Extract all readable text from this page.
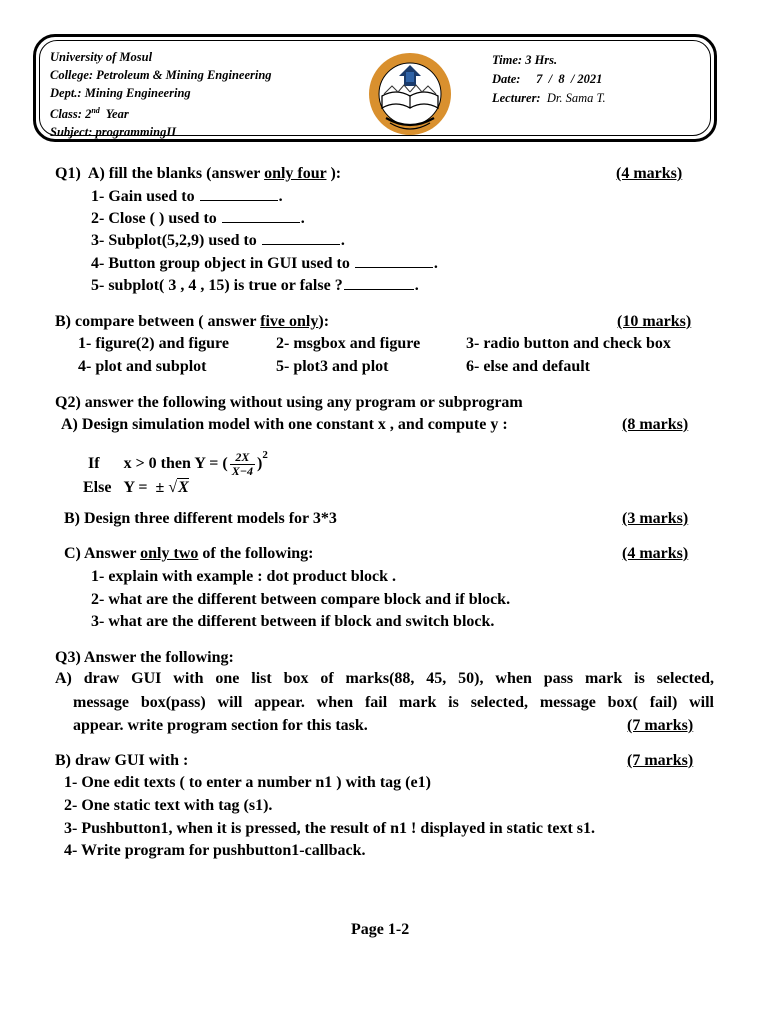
University of Mosul
College: Petroleum & Mining Engineering
Dept.: Mining Engineering
Class: 2nd  Year
Subject: programmingII
Time: 3 Hrs.
Date: 7  /  8  / 2021
Lecturer: Dr. Sama T.
Q1)  A) fill the blanks (answer only four ):	(4 marks)
1- Gain used to	.
2- Close ( ) used to	.
3- Subplot(5,2,9) used to	.
4- Button group object in GUI used to	.
5- subplot( 3 , 4 , 15) is true or false ?	.
B) compare between ( answer five only):	(10 marks)
1- figure(2) and figure	2- msgbox and figure	3- radio button and check box
4- plot and subplot	5- plot3 and plot	6- else and default
Q2) answer the following without using any program or subprogram
A) Design simulation model with one constant x , and compute y :	(8 marks)
If x > 0 then Y = ( $\frac{2X}{X-4} )^2$
Else Y =  ± √X
B) Design three different models for 3*3	(3 marks)
C) Answer only two of the following:	(4 marks)
1- explain with example : dot product block .
2- what are the different between compare block and if block.
3- what are the different between if block and switch block.
Q3) Answer the following:
A) draw GUI with one list box of marks(88, 45, 50), when pass mark is selected,
message box(pass) will appear. when fail mark is selected, message box( fail) will
appear. write program section for this task.	(7 marks)
B) draw GUI with :	(7 marks)
1- One edit texts ( to enter a number n1 ) with tag (e1)
2- One static text with tag (s1).
3- Pushbutton1, when it is pressed, the result of n1 ! displayed in static text s1.
4- Write program for pushbutton1-callback.
Page 1-2
